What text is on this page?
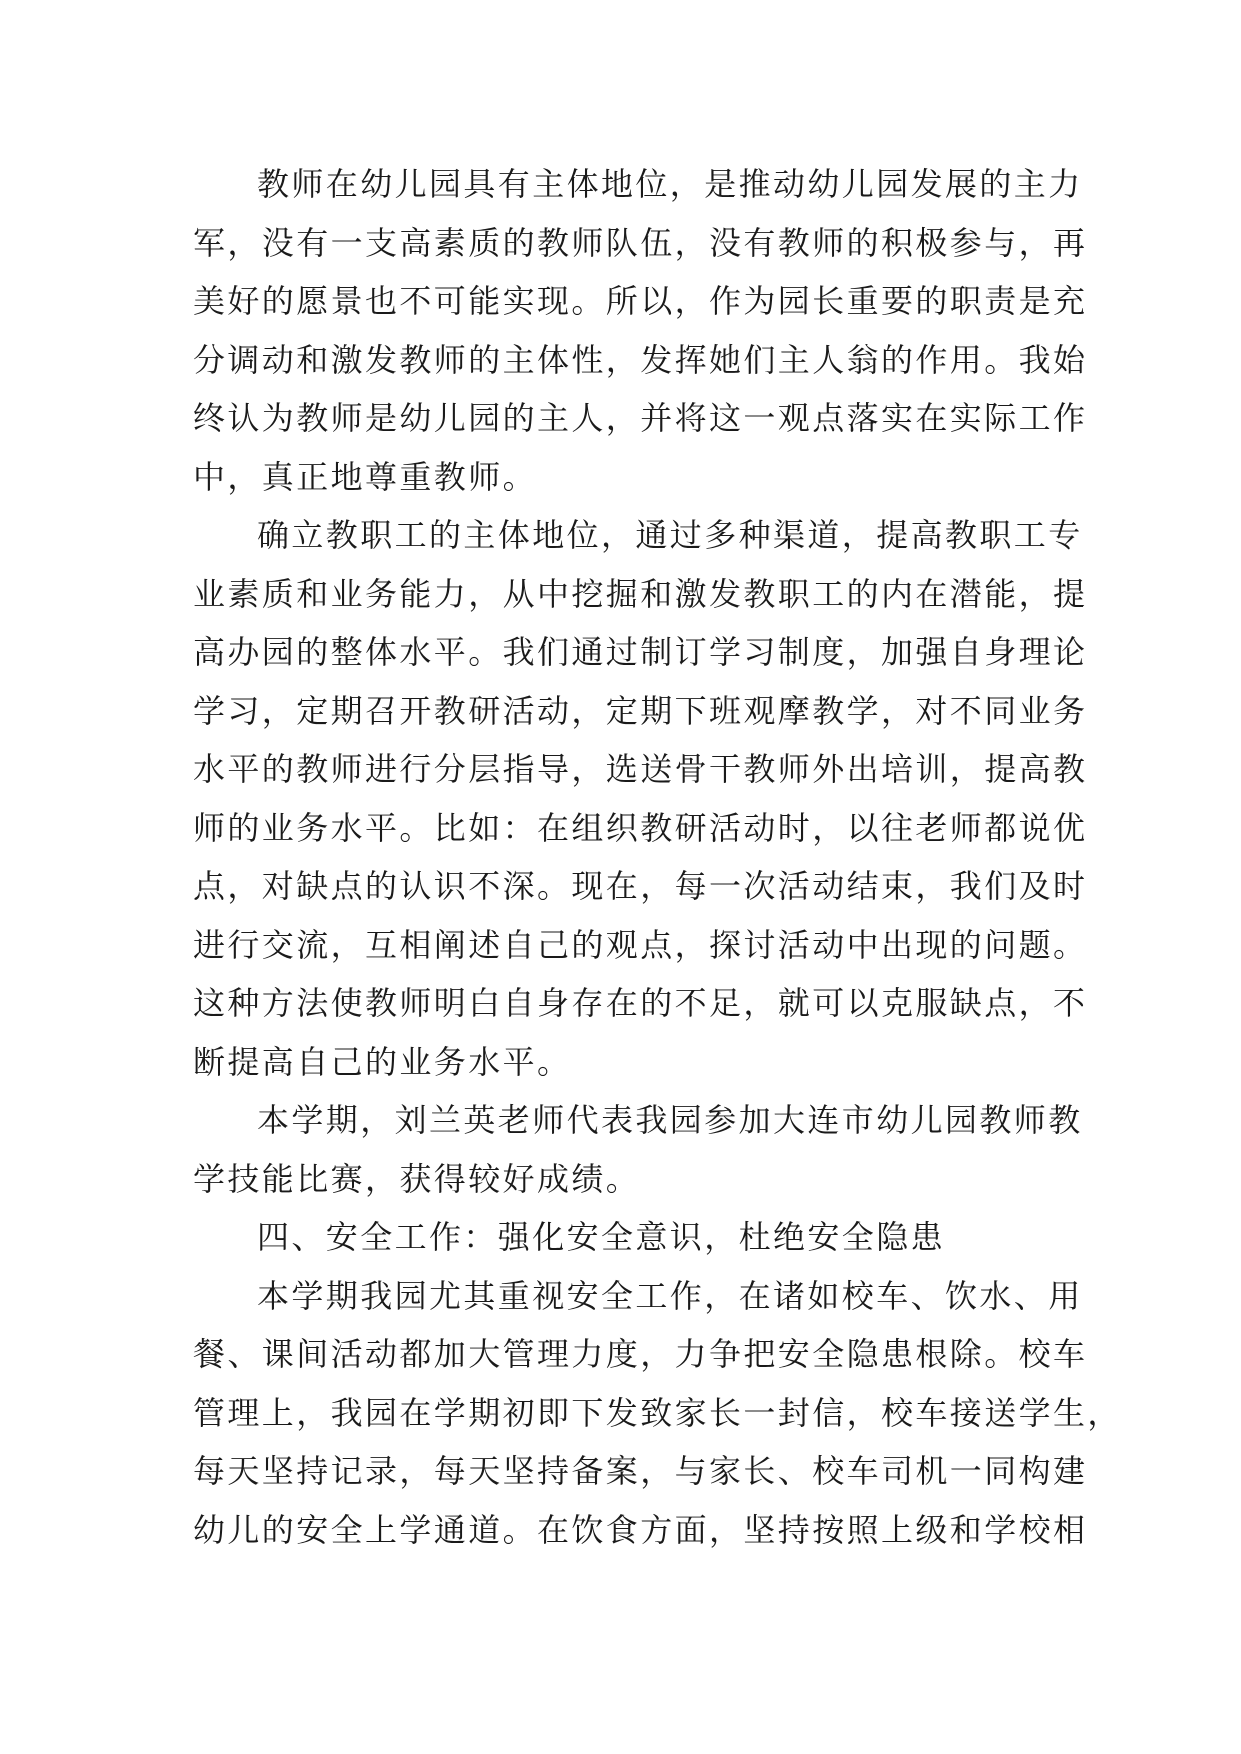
教师在幼儿园具有主体地位，是推动幼儿园发展的主力
军，没有一支高素质的教师队伍，没有教师的积极参与，再
美好的愿景也不可能实现。所以，作为园长重要的职责是充
分调动和激发教师的主体性，发挥她们主人翁的作用。我始
终认为教师是幼儿园的主人，并将这一观点落实在实际工作
中，真正地尊重教师。
确立教职工的主体地位，通过多种渠道，提高教职工专
业素质和业务能力，从中挖掘和激发教职工的内在潜能，提
高办园的整体水平。我们通过制订学习制度，加强自身理论
学习，定期召开教研活动，定期下班观摩教学，对不同业务
水平的教师进行分层指导，选送骨干教师外出培训，提高教
师的业务水平。比如：在组织教研活动时，以往老师都说优
点，对缺点的认识不深。现在，每一次活动结束，我们及时
进行交流，互相阐述自己的观点，探讨活动中出现的问题。
这种方法使教师明白自身存在的不足，就可以克服缺点，不
断提高自己的业务水平。
本学期，刘兰英老师代表我园参加大连市幼儿园教师教
学技能比赛，获得较好成绩。
四、安全工作：强化安全意识，杜绝安全隐患
本学期我园尤其重视安全工作，在诸如校车、饮水、用
餐、课间活动都加大管理力度，力争把安全隐患根除。校车
管理上，我园在学期初即下发致家长一封信，校车接送学生，
每天坚持记录，每天坚持备案，与家长、校车司机一同构建
幼儿的安全上学通道。在饮食方面，坚持按照上级和学校相
